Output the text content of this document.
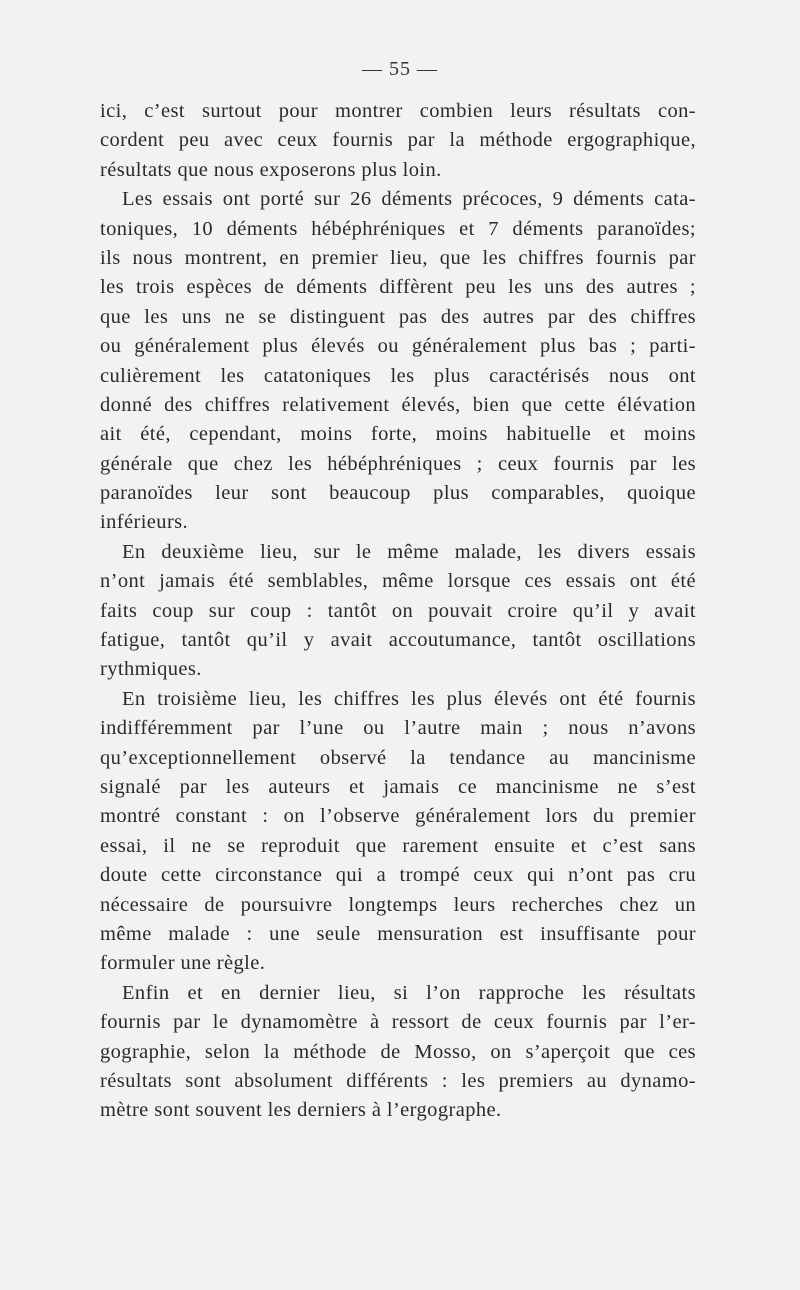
— 55 —
ici, c’est surtout pour montrer combien leurs résultats con-
cordent peu avec ceux fournis par la méthode ergographique,
résultats que nous exposerons plus loin.
Les essais ont porté sur 26 déments précoces, 9 déments cata-
toniques, 10 déments hébéphréniques et 7 déments paranoïdes;
ils nous montrent, en premier lieu, que les chiffres fournis par
les trois espèces de déments diffèrent peu les uns des autres ;
que les uns ne se distinguent pas des autres par des chiffres
ou généralement plus élevés ou généralement plus bas ; parti-
culièrement les catatoniques les plus caractérisés nous ont
donné des chiffres relativement élevés, bien que cette élévation
ait été, cependant, moins forte, moins habituelle et moins
générale que chez les hébéphréniques ; ceux fournis par les
paranoïdes leur sont beaucoup plus comparables, quoique
inférieurs.
En deuxième lieu, sur le même malade, les divers essais
n’ont jamais été semblables, même lorsque ces essais ont été
faits coup sur coup : tantôt on pouvait croire qu’il y avait
fatigue, tantôt qu’il y avait accoutumance, tantôt oscillations
rythmiques.
En troisième lieu, les chiffres les plus élevés ont été fournis
indifféremment par l’une ou l’autre main ; nous n’avons
qu’exceptionnellement observé la tendance au mancinisme
signalé par les auteurs et jamais ce mancinisme ne s’est
montré constant : on l’observe généralement lors du premier
essai, il ne se reproduit que rarement ensuite et c’est sans
doute cette circonstance qui a trompé ceux qui n’ont pas cru
nécessaire de poursuivre longtemps leurs recherches chez un
même malade : une seule mensuration est insuffisante pour
formuler une règle.
Enfin et en dernier lieu, si l’on rapproche les résultats
fournis par le dynamomètre à ressort de ceux fournis par l’er-
gographie, selon la méthode de Mosso, on s’aperçoit que ces
résultats sont absolument différents : les premiers au dynamo-
mètre sont souvent les derniers à l’ergographe.
